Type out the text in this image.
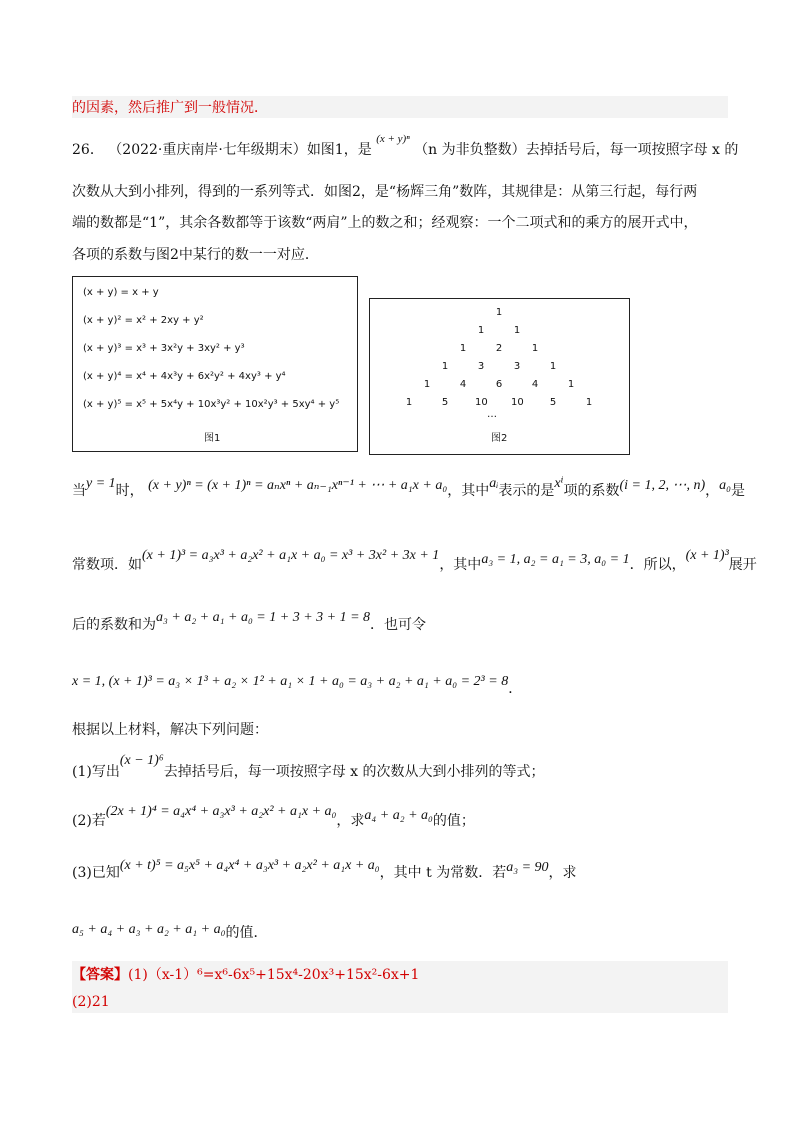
的因素，然后推广到一般情况．
26． （2022·重庆南岸·七年级期末）如图1，是 $^{(x + y)^n}$ （n 为非负整数）去掉括号后，每一项按照字母 x 的
次数从大到小排列，得到的一系列等式．如图2，是“杨辉三角”数阵，其规律是：从第三行起，每行两
端的数都是“1”，其余各数都等于该数“两肩”上的数之和；经观察：一个二项式和的乘方的展开式中，
各项的系数与图2中某行的数一一对应．
(x + y) = x + y
(x + y)² = x² + 2xy + y²
(x + y)³ = x³ + 3x²y + 3xy² + y³
(x + y)⁴ = x⁴ + 4x³y + 6x²y² + 4xy³ + y⁴
(x + y)⁵ = x⁵ + 5x⁴y + 10x³y² + 10x²y³ + 5xy⁴ + y⁵
图1	图2
…
1
1	1
1	2	1
1	3	3	1
1	4	6	4	1
1	5	10 10	5	1
当y = 1时， (x + y)ⁿ = (x + 1)ⁿ = aₙxⁿ + aₙ₋₁xⁿ⁻¹ + ⋯ + a₁x + a₀，其中aᵢ表示的是xⁱ项的系数(i = 1, 2, ⋯, n)，a₀是
常数项．如(x + 1)³ = a₃x³ + a₂x² + a₁x + a₀ = x³ + 3x² + 3x + 1，其中a₃ = 1, a₂ = a₁ = 3, a₀ = 1．所以，(x + 1)³展开
后的系数和为a₃ + a₂ + a₁ + a₀ = 1 + 3 + 3 + 1 = 8．也可令
x = 1, (x + 1)³ = a₃ × 1³ + a₂ × 1² + a₁ × 1 + a₀ = a₃ + a₂ + a₁ + a₀ = 2³ = 8．
根据以上材料，解决下列问题：
(1)写出(x − 1)⁶去掉括号后，每一项按照字母 x 的次数从大到小排列的等式；
(2)若(2x + 1)⁴ = a₄x⁴ + a₃x³ + a₂x² + a₁x + a₀，求a₄ + a₂ + a₀的值；
(3)已知(x + t)⁵ = a₅x⁵ + a₄x⁴ + a₃x³ + a₂x² + a₁x + a₀，其中 t 为常数．若a₃ = 90，求
a₅ + a₄ + a₃ + a₂ + a₁ + a₀的值．
【答案】(1)（x-1）⁶=x⁶-6x⁵+15x⁴-20x³+15x²-6x+1
(2)21
